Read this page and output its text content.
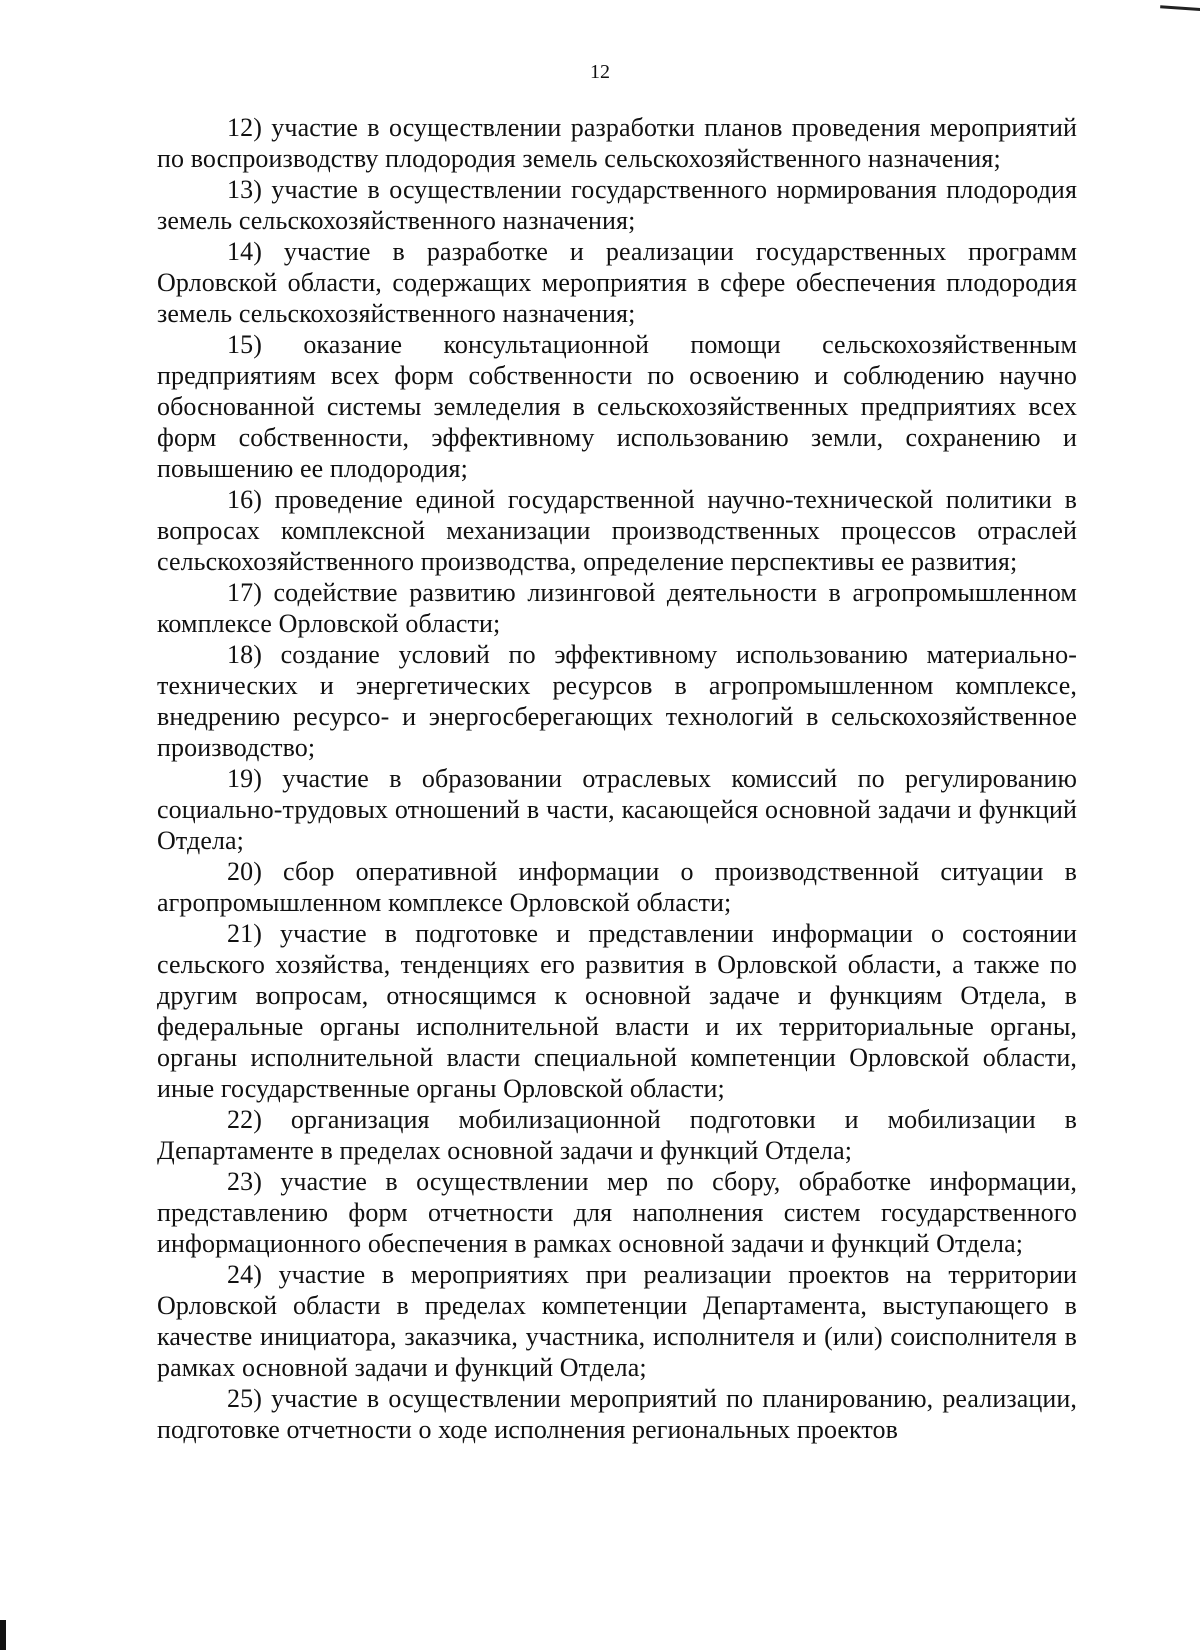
12

12) участие в осуществлении разработки планов проведения мероприятий по воспроизводству плодородия земель сельскохозяйственного назначения;

13) участие в осуществлении государственного нормирования плодородия земель сельскохозяйственного назначения;

14) участие в разработке и реализации государственных программ Орловской области, содержащих мероприятия в сфере обеспечения плодородия земель сельскохозяйственного назначения;

15) оказание консультационной помощи сельскохозяйственным предприятиям всех форм собственности по освоению и соблюдению научно обоснованной системы земледелия в сельскохозяйственных предприятиях всех форм собственности, эффективному использованию земли, сохранению и повышению ее плодородия;

16) проведение единой государственной научно-технической политики в вопросах комплексной механизации производственных процессов отраслей сельскохозяйственного производства, определение перспективы ее развития;

17) содействие развитию лизинговой деятельности в агропромышленном комплексе Орловской области;

18) создание условий по эффективному использованию материально-технических и энергетических ресурсов в агропромышленном комплексе, внедрению ресурсо- и энергосберегающих технологий в сельскохозяйственное производство;

19) участие в образовании отраслевых комиссий по регулированию социально-трудовых отношений в части, касающейся основной задачи и функций Отдела;

20) сбор оперативной информации о производственной ситуации в агропромышленном комплексе Орловской области;

21) участие в подготовке и представлении информации о состоянии сельского хозяйства, тенденциях его развития в Орловской области, а также по другим вопросам, относящимся к основной задаче и функциям Отдела, в федеральные органы исполнительной власти и их территориальные органы, органы исполнительной власти специальной компетенции Орловской области, иные государственные органы Орловской области;

22) организация мобилизационной подготовки и мобилизации в Департаменте в пределах основной задачи и функций Отдела;

23) участие в осуществлении мер по сбору, обработке информации, представлению форм отчетности для наполнения систем государственного информационного обеспечения в рамках основной задачи и функций Отдела;

24) участие в мероприятиях при реализации проектов на территории Орловской области в пределах компетенции Департамента, выступающего в качестве инициатора, заказчика, участника, исполнителя и (или) соисполнителя в рамках основной задачи и функций Отдела;

25) участие в осуществлении мероприятий по планированию, реализации, подготовке отчетности о ходе исполнения региональных проектов
